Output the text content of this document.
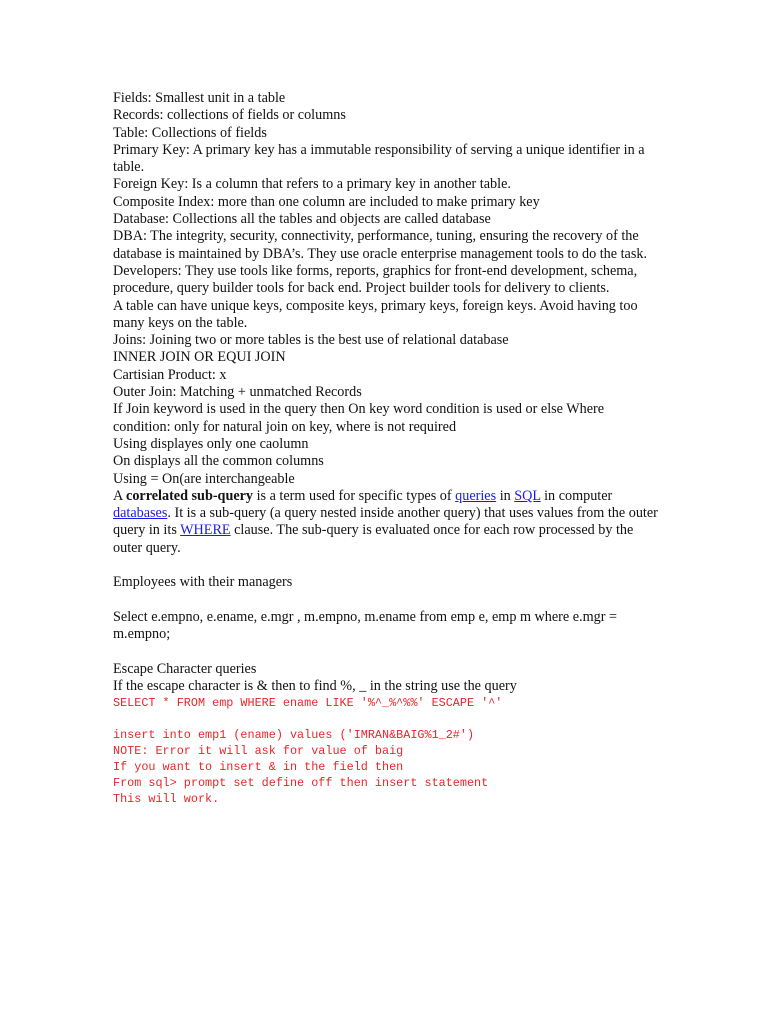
Fields: Smallest unit in a table

Records: collections of fields or columns

Table: Collections of fields

Primary Key: A primary key has a immutable responsibility of serving a unique identifier in a table.

Foreign Key: Is a column that refers to a primary key in another table.

Composite Index: more than one column are included to make primary key

Database: Collections all the tables and objects are called database

DBA: The integrity, security, connectivity, performance, tuning, ensuring the recovery of the database is maintained by DBA’s. They use oracle enterprise management tools to do the task.

Developers: They use tools like forms, reports, graphics for front-end development, schema, procedure, query builder tools for back end. Project builder tools for delivery to clients.

A table can have unique keys, composite keys, primary keys, foreign keys. Avoid having too many keys on the table.

Joins: Joining two or more tables is the best use of relational database

INNER JOIN OR EQUI JOIN

Cartisian Product: x

Outer Join: Matching + unmatched Records

If Join keyword is used in the query then On key word condition is used or else Where condition: only for natural join on key, where is not required

Using displayes only one caolumn

On displays all the common columns

Using = On(are interchangeable

A correlated sub-query is a term used for specific types of queries in SQL in computer databases. It is a sub-query (a query nested inside another query) that uses values from the outer query in its WHERE clause. The sub-query is evaluated once for each row processed by the outer query.

Employees with their managers

Select e.empno, e.ename, e.mgr , m.empno, m.ename from emp e, emp m where e.mgr = m.empno;

Escape Character queries

If the escape character is & then to find %, _ in the string use the query

SELECT * FROM emp WHERE ename LIKE '%^_%^%%' ESCAPE '^'

insert into emp1 (ename) values ('IMRAN&BAIG%1_2#')

NOTE: Error it will ask for value of baig

If you want to insert & in the field then

From sql> prompt set define off then insert statement

This will work.
